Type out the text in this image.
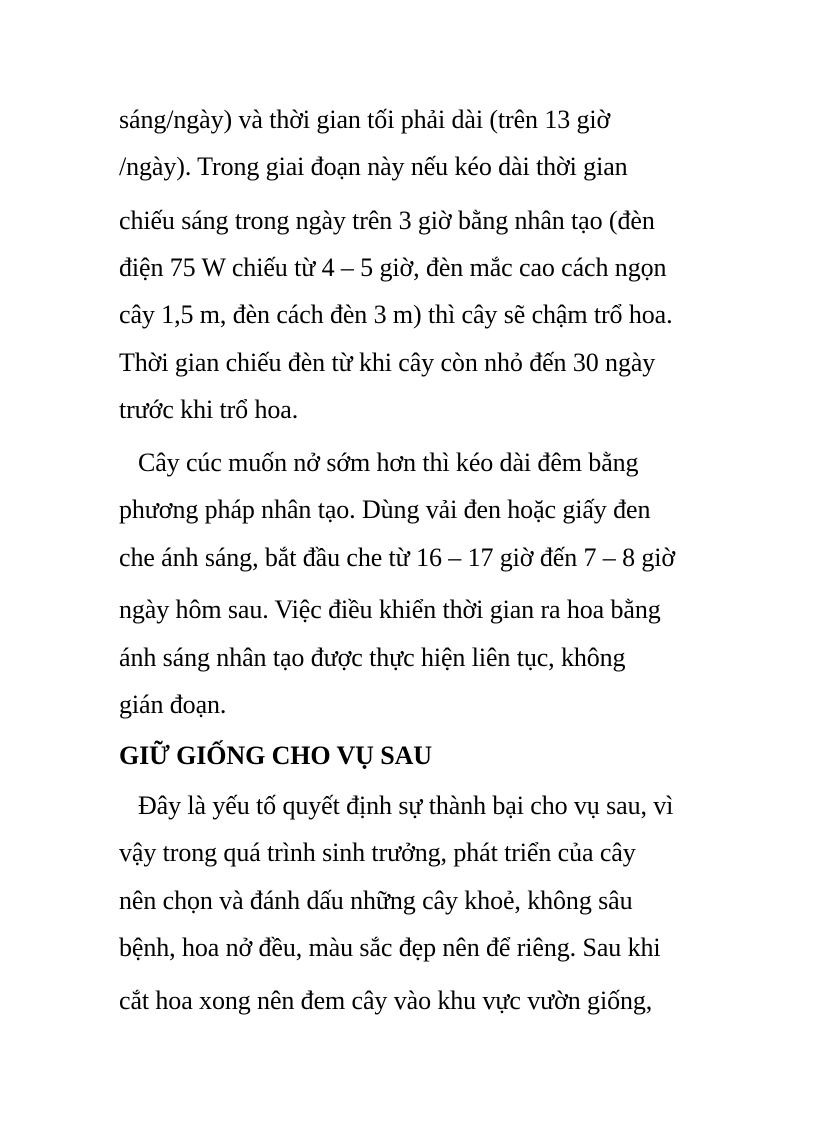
sáng/ngày) và thời gian tối phải dài (trên 13 giờ
/ngày). Trong giai đoạn này nếu kéo dài thời gian
chiếu sáng trong ngày trên 3 giờ bằng nhân tạo (đèn
điện 75 W chiếu từ 4 – 5 giờ, đèn mắc cao cách ngọn
cây 1,5 m, đèn cách đèn 3 m) thì cây sẽ chậm trổ hoa.
Thời gian chiếu đèn từ khi cây còn nhỏ đến 30 ngày
trước khi trổ hoa.
Cây cúc muốn nở sớm hơn thì kéo dài đêm bằng
phương pháp nhân tạo. Dùng vải đen hoặc giấy đen
che ánh sáng, bắt đầu che từ 16 – 17 giờ đến 7 – 8 giờ
ngày hôm sau. Việc điều khiển thời gian ra hoa bằng
ánh sáng nhân tạo được thực hiện liên tục, không
gián đoạn.
GIỮ GIỐNG CHO VỤ SAU
Đây là yếu tố quyết định sự thành bại cho vụ sau, vì
vậy trong quá trình sinh trưởng, phát triển của cây
nên chọn và đánh dấu những cây khoẻ, không sâu
bệnh, hoa nở đều, màu sắc đẹp nên để riêng. Sau khi
cắt hoa xong nên đem cây vào khu vực vườn giống,
